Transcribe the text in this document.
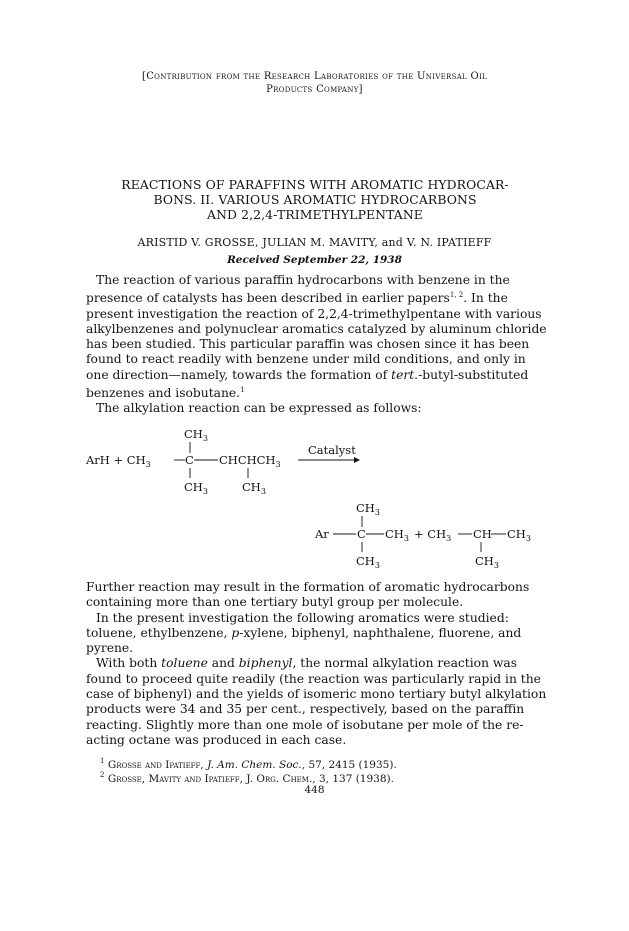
[Contribution from the Research Laboratories of the Universal Oil
Products Company]
REACTIONS OF PARAFFINS WITH AROMATIC HYDROCAR-
BONS. II. VARIOUS AROMATIC HYDROCARBONS
AND 2,2,4-TRIMETHYLPENTANE
ARISTID V. GROSSE, JULIAN M. MAVITY, and V. N. IPATIEFF
Received September 22, 1938
The reaction of various paraffin hydrocarbons with benzene in the
presence of catalysts has been described in earlier papers$^{1, 2}$. In the
present investigation the reaction of 2,2,4-trimethylpentane with various
alkylbenzenes and polynuclear aromatics catalyzed by aluminum chloride
has been studied. This particular paraffin was chosen since it has been
found to react readily with benzene under mild conditions, and only in
one direction—namely, towards the formation of tert.-butyl-substituted
benzenes and isobutane.$^1$
The alkylation reaction can be expressed as follows:
$CH_3$
ArH + $CH_3$	C $CHCHCH_3$
Catalyst
$CH_3$	$CH_3$
$CH_3$
Ar C $CH_3$
$CH_3$
+ $CH_3$ CH $CH_3$
$CH_3$
Further reaction may result in the formation of aromatic hydrocarbons
containing more than one tertiary butyl group per molecule.
In the present investigation the following aromatics were studied:
toluene, ethylbenzene, p-xylene, biphenyl, naphthalene, fluorene, and
pyrene.
With both toluene and biphenyl, the normal alkylation reaction was
found to proceed quite readily (the reaction was particularly rapid in the
case of biphenyl) and the yields of isomeric mono tertiary butyl alkylation
products were 34 and 35 per cent., respectively, based on the paraffin
reacting. Slightly more than one mole of isobutane per mole of the re-
acting octane was produced in each case.
$^1$ Grosse and Ipatieff, J. Am. Chem. Soc., 57, 2415 (1935).
$^2$ Grosse, Mavity and Ipatieff, J. Org. Chem., 3, 137 (1938).
448
